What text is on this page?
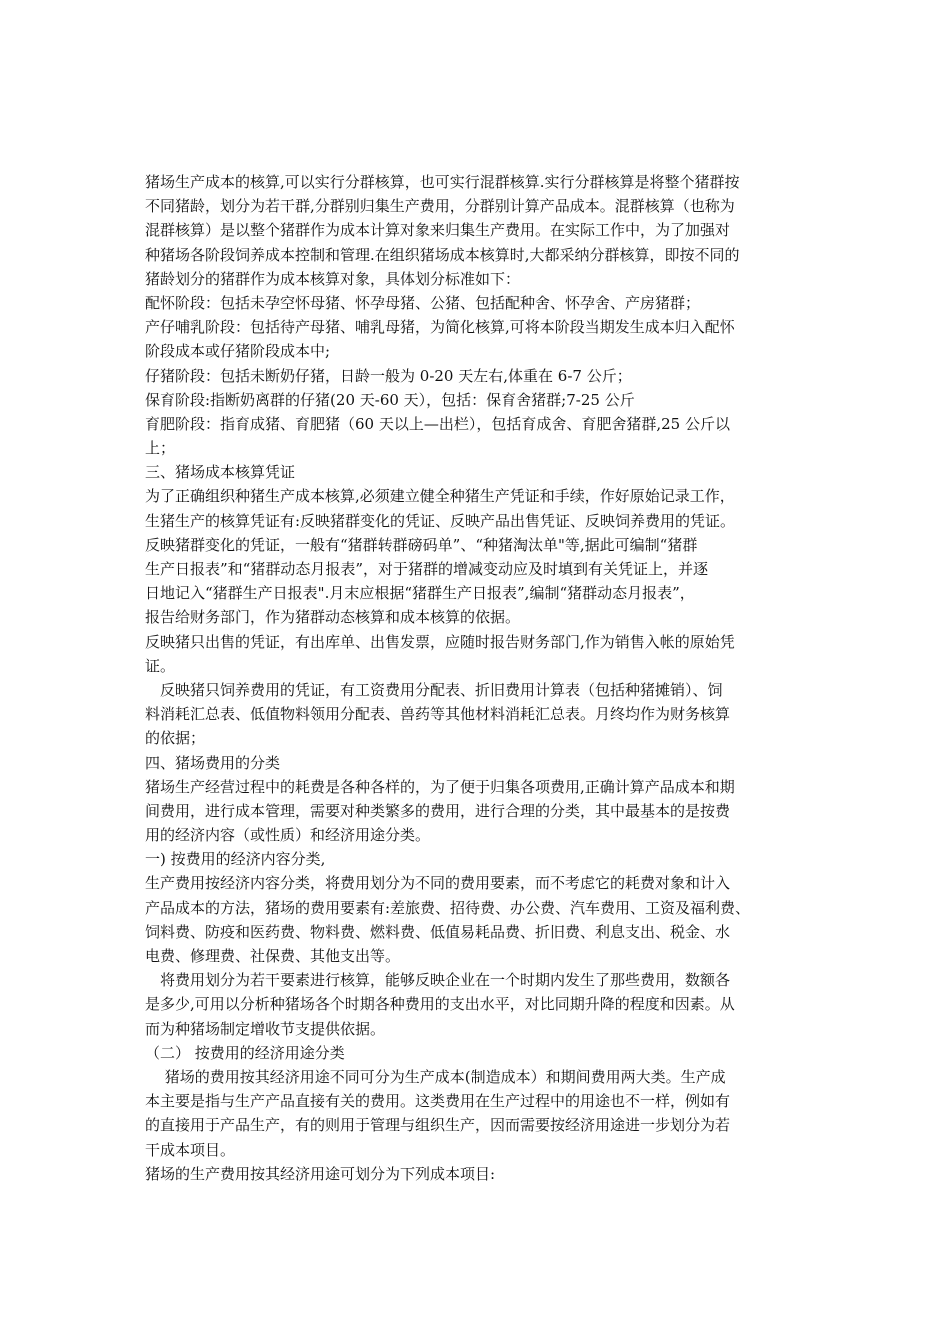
猪场生产成本的核算,可以实行分群核算，也可实行混群核算.实行分群核算是将整个猪群按
不同猪龄，划分为若干群,分群别归集生产费用，分群别计算产品成本。混群核算（也称为
混群核算）是以整个猪群作为成本计算对象来归集生产费用。在实际工作中，为了加强对
种猪场各阶段饲养成本控制和管理.在组织猪场成本核算时,大都采纳分群核算，即按不同的
猪龄划分的猪群作为成本核算对象，具体划分标准如下：
配怀阶段：包括未孕空怀母猪、怀孕母猪、公猪、包括配种舍、怀孕舍、产房猪群；
产仔哺乳阶段：包括待产母猪、哺乳母猪，为简化核算,可将本阶段当期发生成本归入配怀
阶段成本或仔猪阶段成本中;
仔猪阶段：包括未断奶仔猪，日龄一般为 0-20 天左右,体重在 6-7 公斤；
保育阶段:指断奶离群的仔猪(20 天-60 天），包括：保育舍猪群;7-25 公斤
育肥阶段：指育成猪、育肥猪（60 天以上—出栏），包括育成舍、育肥舍猪群,25 公斤以
上；
三、猪场成本核算凭证
为了正确组织种猪生产成本核算,必须建立健全种猪生产凭证和手续，作好原始记录工作，
生猪生产的核算凭证有:反映猪群变化的凭证、反映产品出售凭证、反映饲养费用的凭证。
反映猪群变化的凭证，一般有“猪群转群磅码单”、“种猪淘汰单"等,据此可编制“猪群
生产日报表”和“猪群动态月报表”，对于猪群的增减变动应及时填到有关凭证上，并逐
日地记入“猪群生产日报表".月末应根据“猪群生产日报表”,编制“猪群动态月报表”，
报告给财务部门，作为猪群动态核算和成本核算的依据。
反映猪只出售的凭证，有出库单、出售发票，应随时报告财务部门,作为销售入帐的原始凭
证。
　反映猪只饲养费用的凭证，有工资费用分配表、折旧费用计算表（包括种猪摊销）、饲
料消耗汇总表、低值物料领用分配表、兽药等其他材料消耗汇总表。月终均作为财务核算
的依据；
四、猪场费用的分类
猪场生产经营过程中的耗费是各种各样的，为了便于归集各项费用,正确计算产品成本和期
间费用，进行成本管理，需要对种类繁多的费用，进行合理的分类，其中最基本的是按费
用的经济内容（或性质）和经济用途分类。
一) 按费用的经济内容分类,
生产费用按经济内容分类，将费用划分为不同的费用要素，而不考虑它的耗费对象和计入
产品成本的方法，猪场的费用要素有:差旅费、招待费、办公费、汽车费用、工资及福利费、
饲料费、防疫和医药费、物料费、燃料费、低值易耗品费、折旧费、利息支出、税金、水
电费、修理费、社保费、其他支出等。
　将费用划分为若干要素进行核算，能够反映企业在一个时期内发生了那些费用，数额各
是多少,可用以分析种猪场各个时期各种费用的支出水平，对比同期升降的程度和因素。从
而为种猪场制定增收节支提供依据。
（二） 按费用的经济用途分类
　 猪场的费用按其经济用途不同可分为生产成本(制造成本）和期间费用两大类。生产成
本主要是指与生产产品直接有关的费用。这类费用在生产过程中的用途也不一样，例如有
的直接用于产品生产，有的则用于管理与组织生产，因而需要按经济用途进一步划分为若
干成本项目。
猪场的生产费用按其经济用途可划分为下列成本项目:
